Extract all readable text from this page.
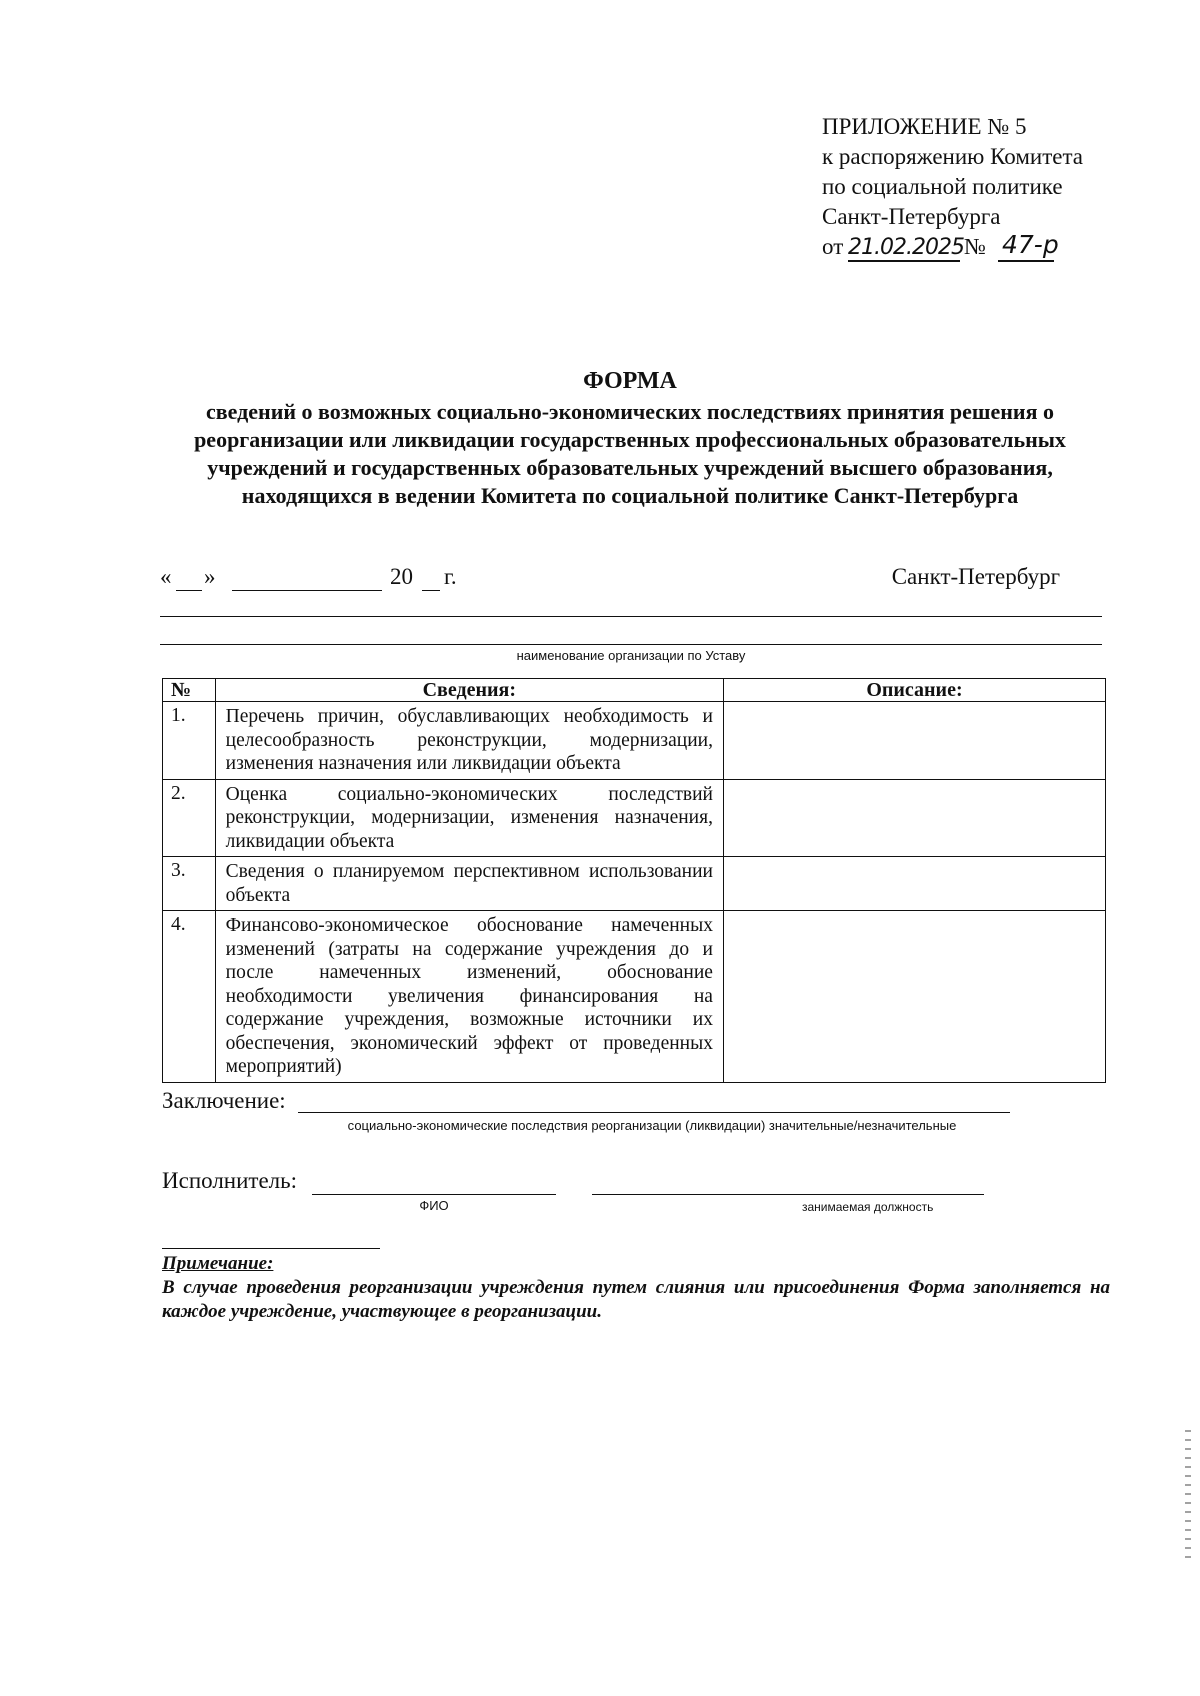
ПРИЛОЖЕНИЕ № 5
к распоряжению Комитета
по социальной политике
Санкт-Петербурга
от 21.02.2025 № 47-р
ФОРМА
сведений о возможных социально-экономических последствиях принятия решения о реорганизации или ликвидации государственных профессиональных образовательных учреждений и государственных образовательных учреждений высшего образования, находящихся в ведении Комитета по социальной политике Санкт-Петербурга
« »	20 г.	Санкт-Петербург
наименование организации по Уставу
№	Сведения:	Описание:
1.	Перечень причин, обуславливающих необходимость и целесообразность реконструкции, модернизации, изменения назначения или ликвидации объекта	
2.	Оценка социально-экономических последствий реконструкции, модернизации, изменения назначения, ликвидации объекта	
3.	Сведения о планируемом перспективном использовании объекта	
4.	Финансово-экономическое обоснование намеченных изменений (затраты на содержание учреждения до и после намеченных изменений, обоснование необходимости увеличения финансирования на содержание учреждения, возможные источники их обеспечения, экономический эффект от проведенных мероприятий)	
Заключение:
социально-экономические последствия реорганизации (ликвидации) значительные/незначительные
Исполнитель:
ФИО	занимаемая должность
Примечание:
В случае проведения реорганизации учреждения путем слияния или присоединения Форма заполняется на каждое учреждение, участвующее в реорганизации.
